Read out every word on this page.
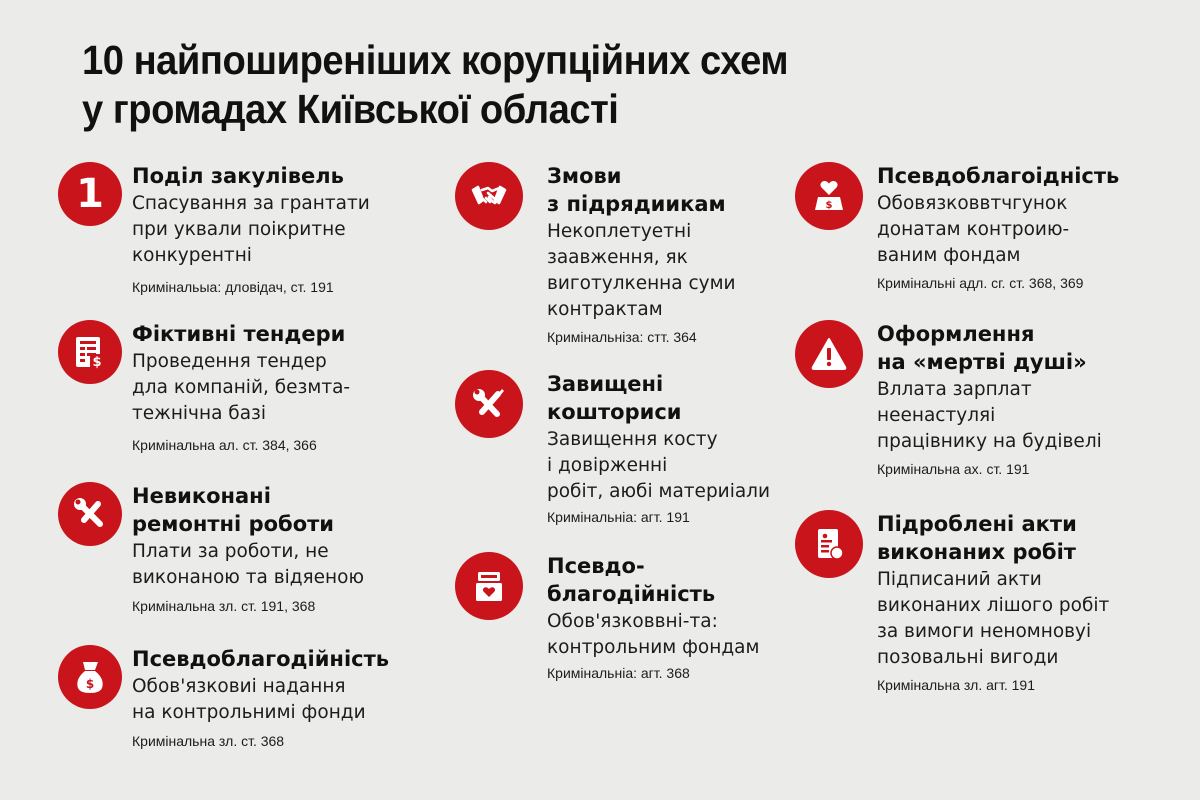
10 найпоширеніших корупційних схем
у громадах Київської області
1 Поділ закулівель
Спасування за грантати
при уквали поікритне
конкурентні
Кримінальыа: дловідач, ст. 191
$
Фіктивні тендери
Проведення тендер
дла компаній, безмта-
тежнічна базі
Кримінальна ал. ст. 384, 366
Невиконані
ремонтні роботи
Плати за роботи, не
виконаною та відяеною
Кримінальна зл. ст. 191, 368
$
Псевдоблагодійність
Обов'язковиі надання
на контрольнимі фонди
Кримінальна зл. ст. 368
Змови
з підрядиикам
Некоплетуетні
заавження, як
виготулкенна суми
контрактам
Кримінальніза: стт. 364
Завищені
кошториси
Завищення косту
і довірженні
робіт, аюбі материіали
Кримінальніа: агт. 191
Псевдо-
благодійність
Обов'язковвні-та:
контрольним фондам
Кримінальніа: агт. 368
$
Псевдоблагоідність
Обовязковвтчгунок
донатам контроию-
ваним фондам
Кримінальні адл. сг. ст. 368, 369
Оформлення
на «мертві душі»
Вллата зарплат
неенастуляі
працівнику на будівелі
Кримінальна ах. ст. 191
Підроблені акти
виконаних робіт
Підписаниӣ акти
виконаних лішого робіт
за вимоги неномновуі
позовальні вигоди
Кримінальна зл. агт. 191
